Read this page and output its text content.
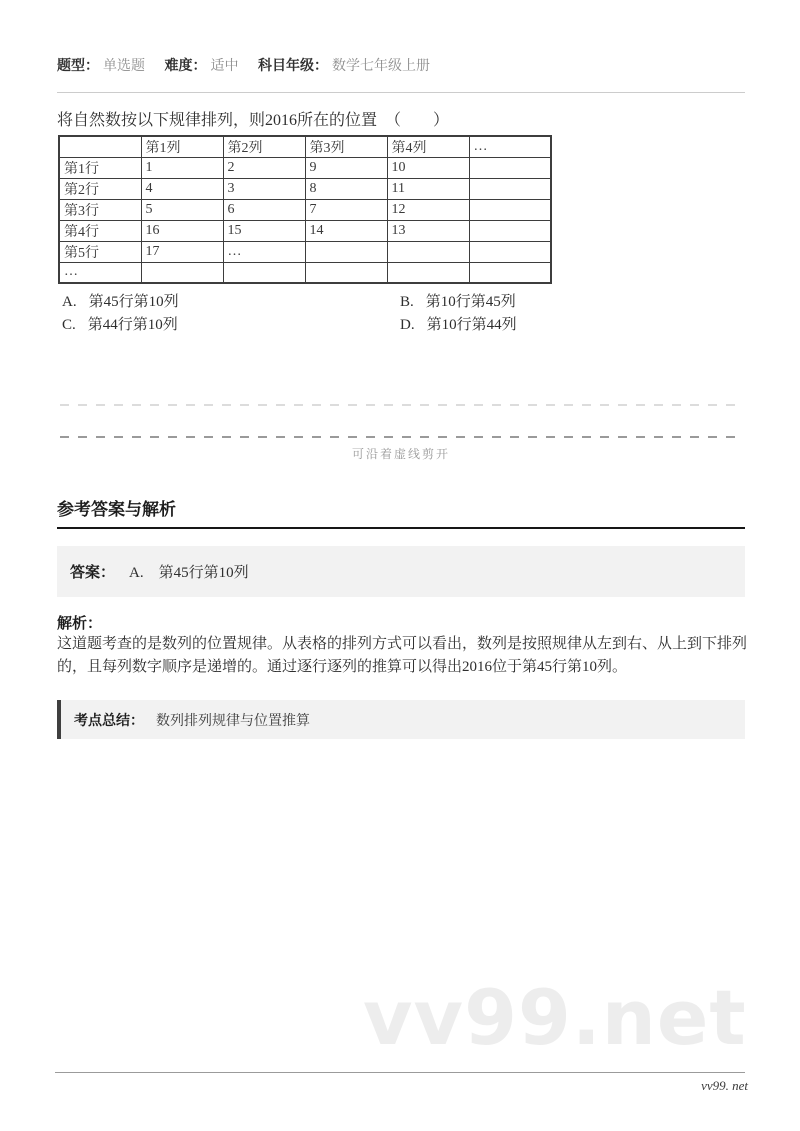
题型： 单选题 难度： 适中 科目年级： 数学七年级上册
将自然数按以下规律排列，则2016所在的位置　（　　）
	第1列	第2列	第3列	第4列	…
第1行	1	2	9	10	
第2行	4	3	8	11	
第3行	5	6	7	12	
第4行	16	15	14	13	
第5行	17	…			
…					
A. 第45行第10列	B. 第10行第45列
C. 第44行第10列	D. 第10行第44列
可沿着虚线剪开
参考答案与解析
答案： A.　第45行第10列
解析：
这道题考查的是数列的位置规律。从表格的排列方式可以看出，数列是按照规律从左到右、从上到下排列的，且每列数字顺序是递增的。通过逐行逐列的推算可以得出2016位于第45行第10列。
考点总结： 数列排列规律与位置推算
vv99.net
vv99. net
